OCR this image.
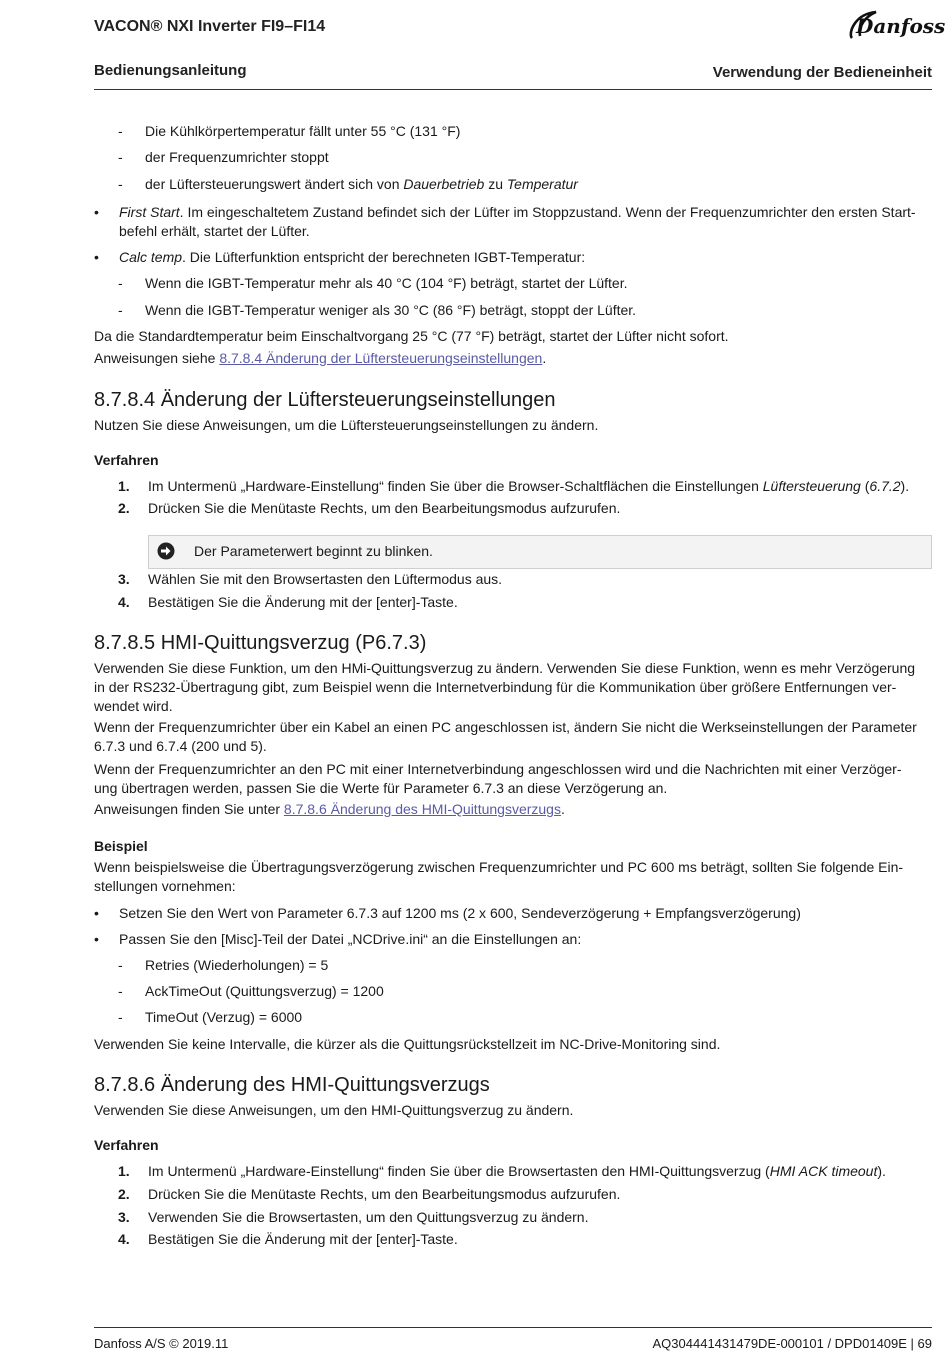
VACON® NXI Inverter FI9–FI14	Danfoss
Bedienungsanleitung	Verwendung der Bedieneinheit
- Die Kühlkörpertemperatur fällt unter 55 °C (131 °F)
- der Frequenzumrichter stoppt
- der Lüftersteuerungswert ändert sich von Dauerbetrieb zu Temperatur
• First Start. Im eingeschaltetem Zustand befindet sich der Lüfter im Stoppzustand. Wenn der Frequenzumrichter den ersten Start-
befehl erhält, startet der Lüfter.
• Calc temp. Die Lüfterfunktion entspricht der berechneten IGBT-Temperatur:
- Wenn die IGBT-Temperatur mehr als 40 °C (104 °F) beträgt, startet der Lüfter.
- Wenn die IGBT-Temperatur weniger als 30 °C (86 °F) beträgt, stoppt der Lüfter.
Da die Standardtemperatur beim Einschaltvorgang 25 °C (77 °F) beträgt, startet der Lüfter nicht sofort.
Anweisungen siehe 8.7.8.4 Änderung der Lüftersteuerungseinstellungen.
8.7.8.4 Änderung der Lüftersteuerungseinstellungen
Nutzen Sie diese Anweisungen, um die Lüftersteuerungseinstellungen zu ändern.
Verfahren
1. Im Untermenü „Hardware-Einstellung“ finden Sie über die Browser-Schaltflächen die Einstellungen Lüftersteuerung (6.7.2).
2. Drücken Sie die Menütaste Rechts, um den Bearbeitungsmodus aufzurufen.
Der Parameterwert beginnt zu blinken.
3. Wählen Sie mit den Browsertasten den Lüftermodus aus.
4. Bestätigen Sie die Änderung mit der [enter]-Taste.
8.7.8.5 HMI-Quittungsverzug (P6.7.3)
Verwenden Sie diese Funktion, um den HMi-Quittungsverzug zu ändern. Verwenden Sie diese Funktion, wenn es mehr Verzögerung
in der RS232-Übertragung gibt, zum Beispiel wenn die Internetverbindung für die Kommunikation über größere Entfernungen ver-
wendet wird.
Wenn der Frequenzumrichter über ein Kabel an einen PC angeschlossen ist, ändern Sie nicht die Werkseinstellungen der Parameter
6.7.3 und 6.7.4 (200 und 5).
Wenn der Frequenzumrichter an den PC mit einer Internetverbindung angeschlossen wird und die Nachrichten mit einer Verzöger-
ung übertragen werden, passen Sie die Werte für Parameter 6.7.3 an diese Verzögerung an.
Anweisungen finden Sie unter 8.7.8.6 Änderung des HMI-Quittungsverzugs.
Beispiel
Wenn beispielsweise die Übertragungsverzögerung zwischen Frequenzumrichter und PC 600 ms beträgt, sollten Sie folgende Ein-
stellungen vornehmen:
• Setzen Sie den Wert von Parameter 6.7.3 auf 1200 ms (2 x 600, Sendeverzögerung + Empfangsverzögerung)
• Passen Sie den [Misc]-Teil der Datei „NCDrive.ini“ an die Einstellungen an:
- Retries (Wiederholungen) = 5
- AckTimeOut (Quittungsverzug) = 1200
- TimeOut (Verzug) = 6000
Verwenden Sie keine Intervalle, die kürzer als die Quittungsrückstellzeit im NC-Drive-Monitoring sind.
8.7.8.6 Änderung des HMI-Quittungsverzugs
Verwenden Sie diese Anweisungen, um den HMI-Quittungsverzug zu ändern.
Verfahren
1. Im Untermenü „Hardware-Einstellung“ finden Sie über die Browsertasten den HMI-Quittungsverzug (HMI ACK timeout).
2. Drücken Sie die Menütaste Rechts, um den Bearbeitungsmodus aufzurufen.
3. Verwenden Sie die Browsertasten, um den Quittungsverzug zu ändern.
4. Bestätigen Sie die Änderung mit der [enter]-Taste.
Danfoss A/S © 2019.11	AQ304441431479DE-000101 / DPD01409E | 69
